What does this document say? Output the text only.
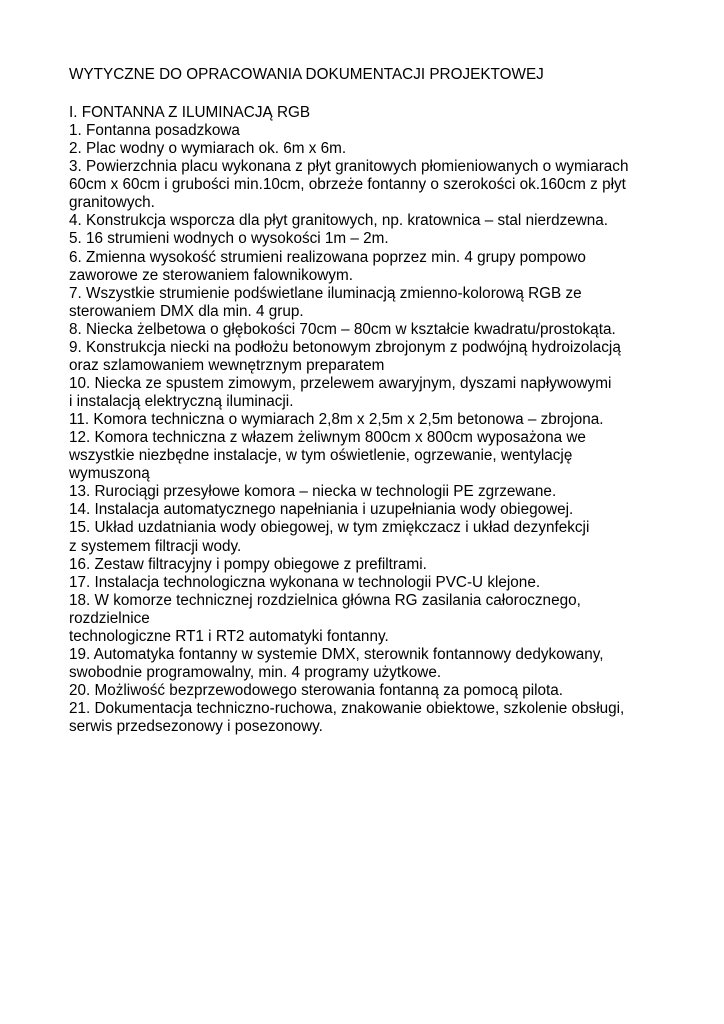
WYTYCZNE DO OPRACOWANIA DOKUMENTACJI PROJEKTOWEJ
I. FONTANNA Z ILUMINACJĄ RGB
1. Fontanna posadzkowa
2. Plac wodny o wymiarach ok. 6m x 6m.
3. Powierzchnia placu wykonana z płyt granitowych płomieniowanych o wymiarach
60cm x 60cm i grubości min.10cm, obrzeże fontanny o szerokości ok.160cm z płyt
granitowych.
4. Konstrukcja wsporcza dla płyt granitowych, np. kratownica – stal nierdzewna.
5. 16 strumieni wodnych o wysokości 1m – 2m.
6. Zmienna wysokość strumieni realizowana poprzez min. 4 grupy pompowo
zaworowe ze sterowaniem falownikowym.
7. Wszystkie strumienie podświetlane iluminacją zmienno-kolorową RGB ze
sterowaniem DMX dla min. 4 grup.
8. Niecka żelbetowa o głębokości 70cm – 80cm w kształcie kwadratu/prostokąta.
9. Konstrukcja niecki na podłożu betonowym zbrojonym z podwójną hydroizolacją
oraz szlamowaniem wewnętrznym preparatem
10. Niecka ze spustem zimowym, przelewem awaryjnym, dyszami napływowymi
i instalacją elektryczną iluminacji.
11. Komora techniczna o wymiarach 2,8m x 2,5m x 2,5m betonowa – zbrojona.
12. Komora techniczna z włazem żeliwnym 800cm x 800cm wyposażona we
wszystkie niezbędne instalacje, w tym oświetlenie, ogrzewanie, wentylację
wymuszoną
13. Rurociągi przesyłowe komora – niecka w technologii PE zgrzewane.
14. Instalacja automatycznego napełniania i uzupełniania wody obiegowej.
15. Układ uzdatniania wody obiegowej, w tym zmiękczacz i układ dezynfekcji
z systemem filtracji wody.
16. Zestaw filtracyjny i pompy obiegowe z prefiltrami.
17. Instalacja technologiczna wykonana w technologii PVC-U klejone.
18. W komorze technicznej rozdzielnica główna RG zasilania całorocznego,
rozdzielnice
technologiczne RT1 i RT2 automatyki fontanny.
19. Automatyka fontanny w systemie DMX, sterownik fontannowy dedykowany,
swobodnie programowalny, min. 4 programy użytkowe.
20. Możliwość bezprzewodowego sterowania fontanną za pomocą pilota.
21. Dokumentacja techniczno-ruchowa, znakowanie obiektowe, szkolenie obsługi,
serwis przedsezonowy i posezonowy.
